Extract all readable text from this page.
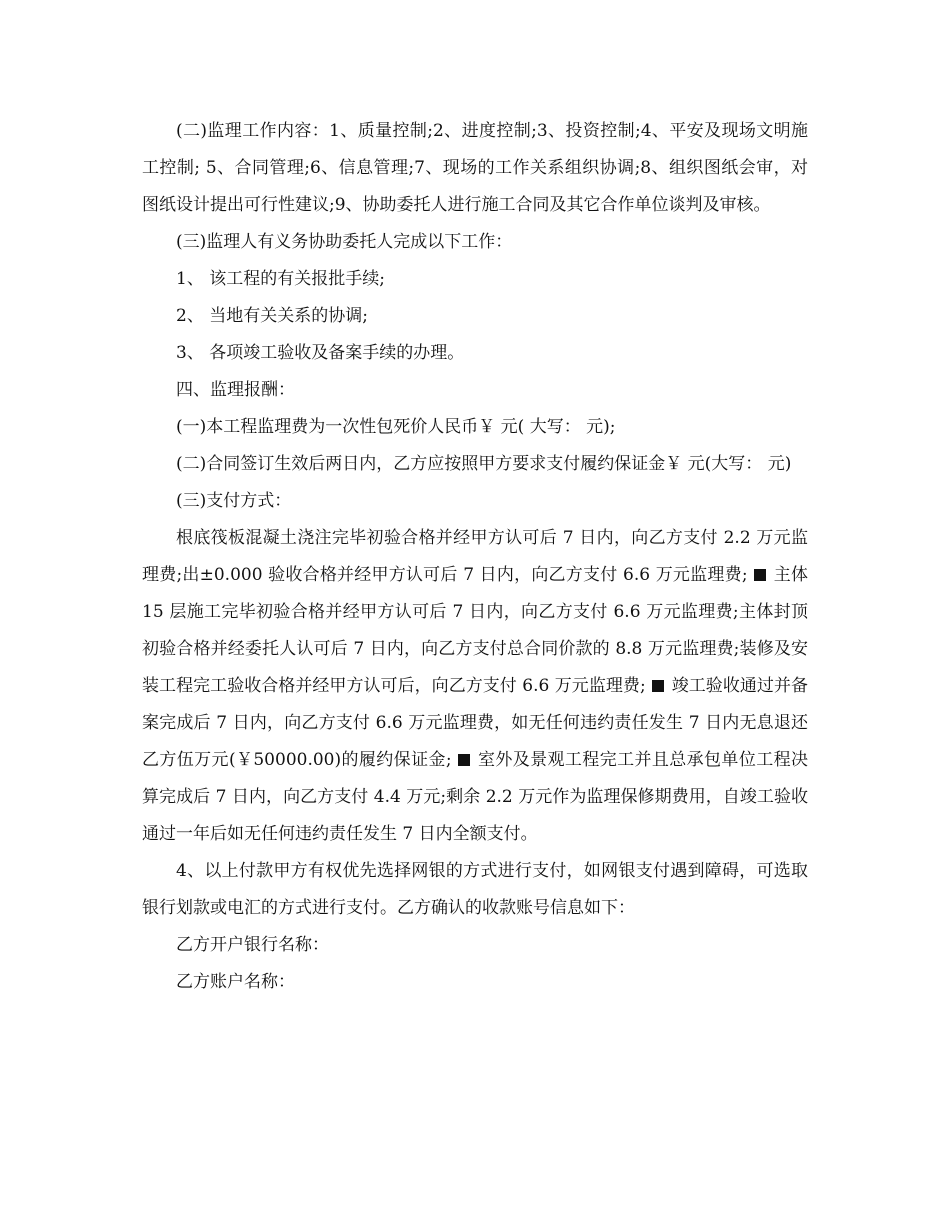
(二)监理工作内容：1、质量控制;2、进度控制;3、投资控制;4、平安及现场文明施工控制; 5、合同管理;6、信息管理;7、现场的工作关系组织协调;8、组织图纸会审，对图纸设计提出可行性建议;9、协助委托人进行施工合同及其它合作单位谈判及审核。

(三)监理人有义务协助委托人完成以下工作：

1、 该工程的有关报批手续;

2、 当地有关关系的协调;

3、 各项竣工验收及备案手续的办理。

四、监理报酬：

(一)本工程监理费为一次性包死价人民币￥ 元( 大写： 元);

(二)合同签订生效后两日内，乙方应按照甲方要求支付履约保证金￥ 元(大写： 元)

(三)支付方式：

根底筏板混凝土浇注完毕初验合格并经甲方认可后 7 日内，向乙方支付 2.2 万元监理费;出±0.000 验收合格并经甲方认可后 7 日内，向乙方支付 6.6 万元监理费; 主体 15 层施工完毕初验合格并经甲方认可后 7 日内，向乙方支付 6.6 万元监理费;主体封顶初验合格并经委托人认可后 7 日内，向乙方支付总合同价款的 8.8 万元监理费;装修及安装工程完工验收合格并经甲方认可后，向乙方支付 6.6 万元监理费; 竣工验收通过并备案完成后 7 日内，向乙方支付 6.6 万元监理费，如无任何违约责任发生 7 日内无息退还乙方伍万元(￥50000.00)的履约保证金; 室外及景观工程完工并且总承包单位工程决算完成后 7 日内，向乙方支付 4.4 万元;剩余 2.2 万元作为监理保修期费用，自竣工验收通过一年后如无任何违约责任发生 7 日内全额支付。

4、以上付款甲方有权优先选择网银的方式进行支付，如网银支付遇到障碍，可选取银行划款或电汇的方式进行支付。乙方确认的收款账号信息如下：

乙方开户银行名称：

乙方账户名称：
